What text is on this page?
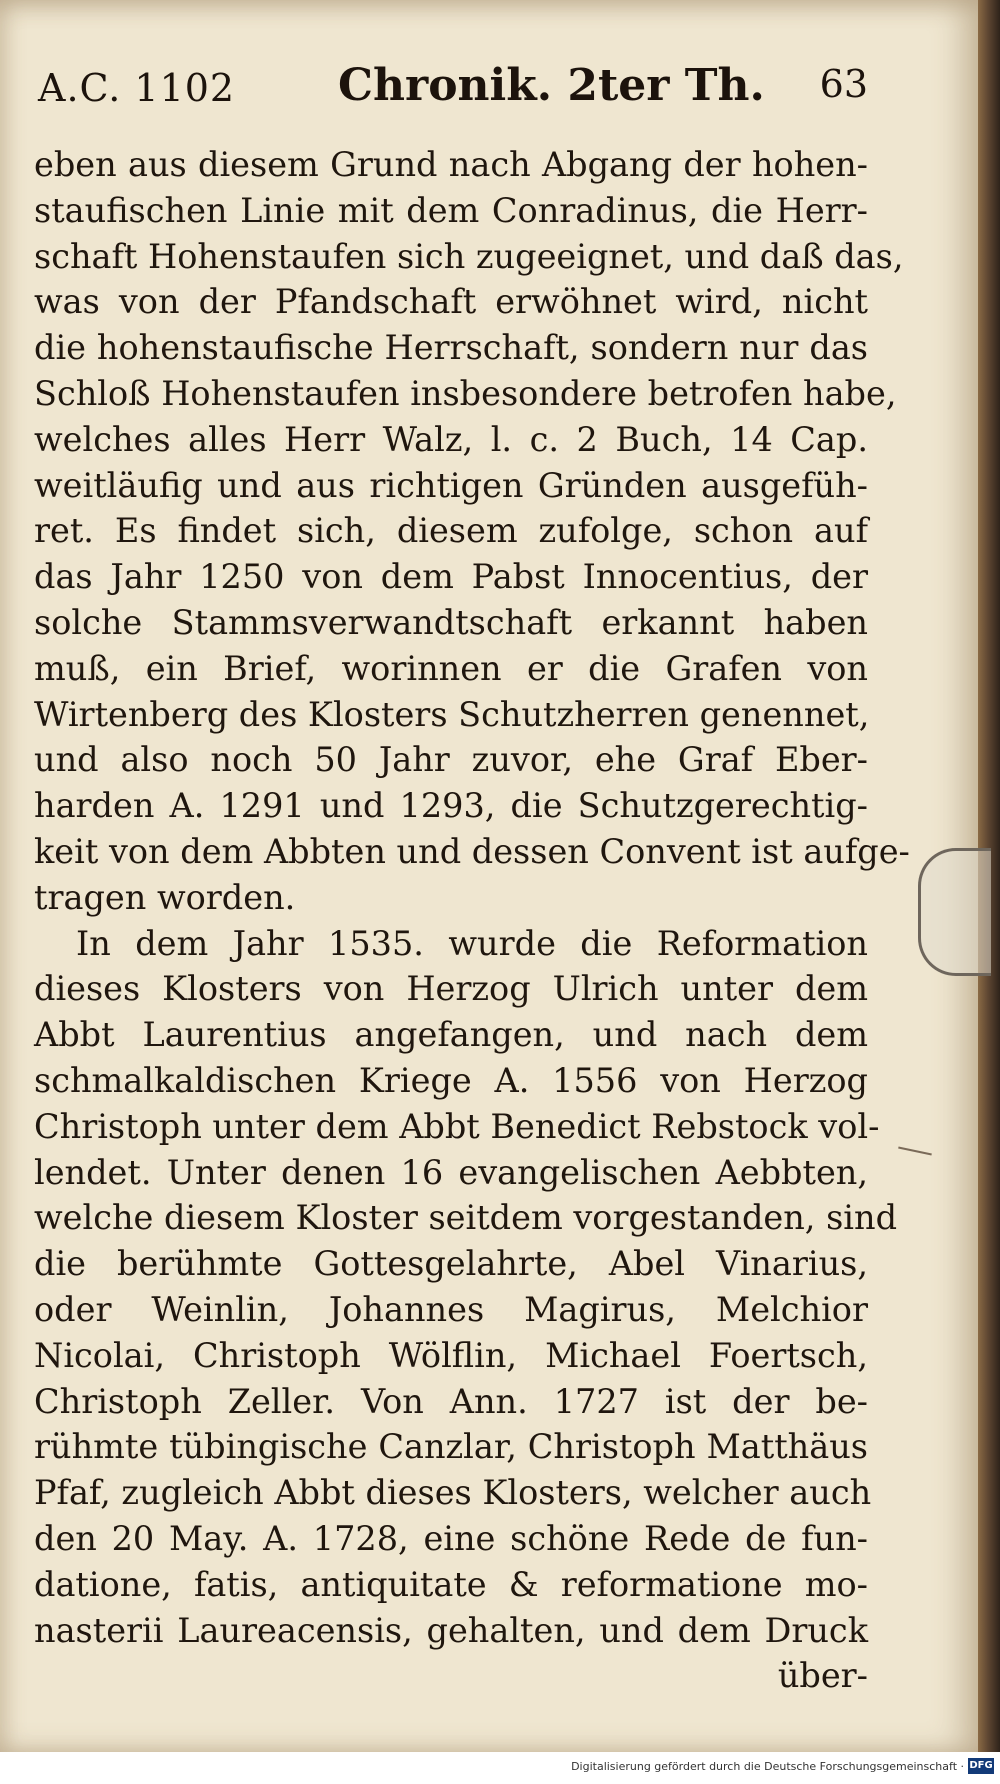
A.C. 1102 Chronik. 2ter Th. 63
eben aus diesem Grund nach Abgang der hohen-
staufischen Linie mit dem Conradinus, die Herr-
schaft Hohenstaufen sich zugeeignet, und daß das,
was von der Pfandschaft erwöhnet wird, nicht
die hohenstaufische Herrschaft, sondern nur das
Schloß Hohenstaufen insbesondere betrofen habe,
welches alles Herr Walz, l. c. 2 Buch, 14 Cap.
weitläufig und aus richtigen Gründen ausgefüh-
ret. Es findet sich, diesem zufolge, schon auf
das Jahr 1250 von dem Pabst Innocentius, der
solche Stammsverwandtschaft erkannt haben
muß, ein Brief, worinnen er die Grafen von
Wirtenberg des Klosters Schutzherren genennet,
und also noch 50 Jahr zuvor, ehe Graf Eber-
harden A. 1291 und 1293, die Schutzgerechtig-
keit von dem Abbten und dessen Convent ist aufge-
tragen worden.
In dem Jahr 1535. wurde die Reformation
dieses Klosters von Herzog Ulrich unter dem
Abbt Laurentius angefangen, und nach dem
schmalkaldischen Kriege A. 1556 von Herzog
Christoph unter dem Abbt Benedict Rebstock vol-
lendet. Unter denen 16 evangelischen Aebbten,
welche diesem Kloster seitdem vorgestanden, sind
die berühmte Gottesgelahrte, Abel Vinarius,
oder Weinlin, Johannes Magirus, Melchior
Nicolai, Christoph Wölflin, Michael Foertsch,
Christoph Zeller. Von Ann. 1727 ist der be-
rühmte tübingische Canzlar, Christoph Matthäus
Pfaf, zugleich Abbt dieses Klosters, welcher auch
den 20 May. A. 1728, eine schöne Rede de fun-
datione, fatis, antiquitate & reformatione mo-
nasterii Laureacensis, gehalten, und dem Druck
über-
Digitalisierung gefördert durch die Deutsche Forschungsgemeinschaft · DFG
